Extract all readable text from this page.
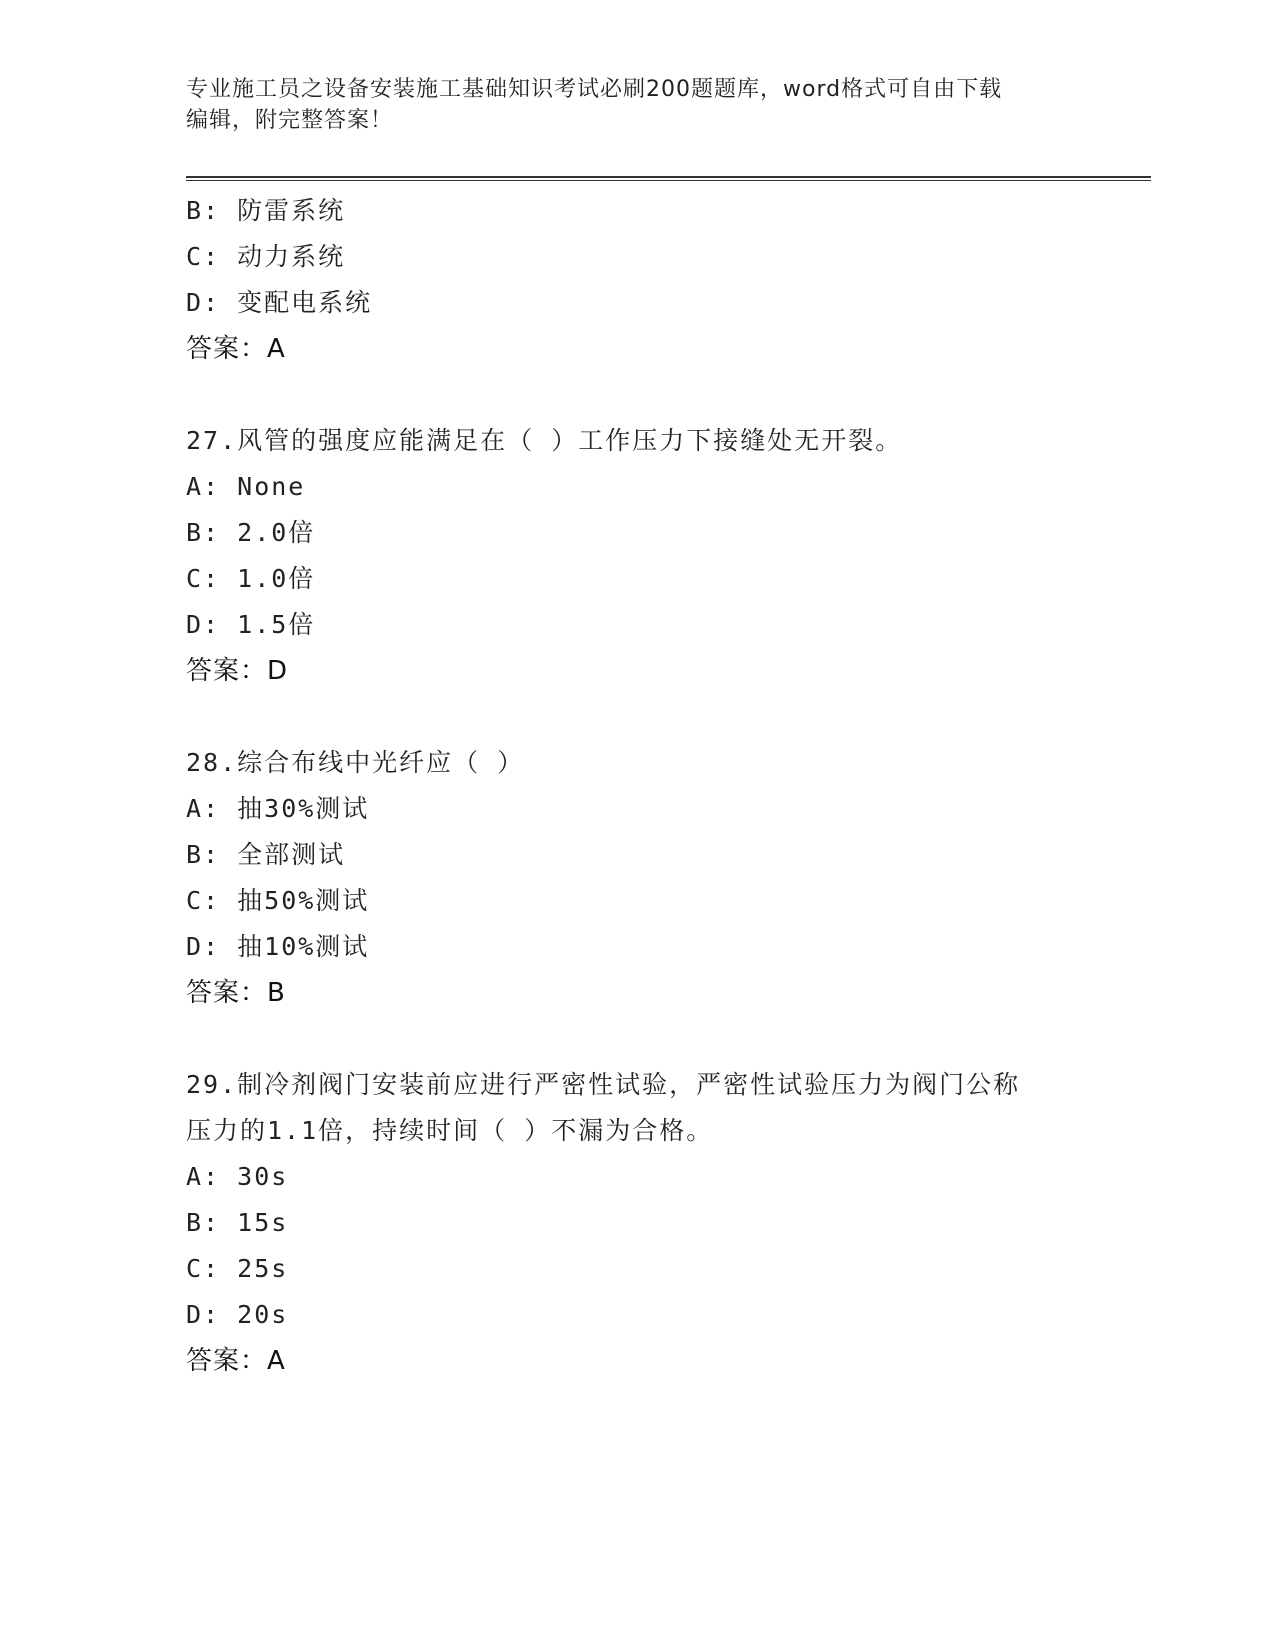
专业施工员之设备安装施工基础知识考试必刷200题题库，word格式可自由下载
编辑，附完整答案！
B: 防雷系统
C: 动力系统
D: 变配电系统
答案：A
27.风管的强度应能满足在（ ）工作压力下接缝处无开裂。
A: None
B: 2.0倍
C: 1.0倍
D: 1.5倍
答案：D
28.综合布线中光纤应（ ）
A: 抽30%测试
B: 全部测试
C: 抽50%测试
D: 抽10%测试
答案：B
29.制冷剂阀门安装前应进行严密性试验，严密性试验压力为阀门公称
压力的1.1倍，持续时间（ ）不漏为合格。
A: 30s
B: 15s
C: 25s
D: 20s
答案：A
